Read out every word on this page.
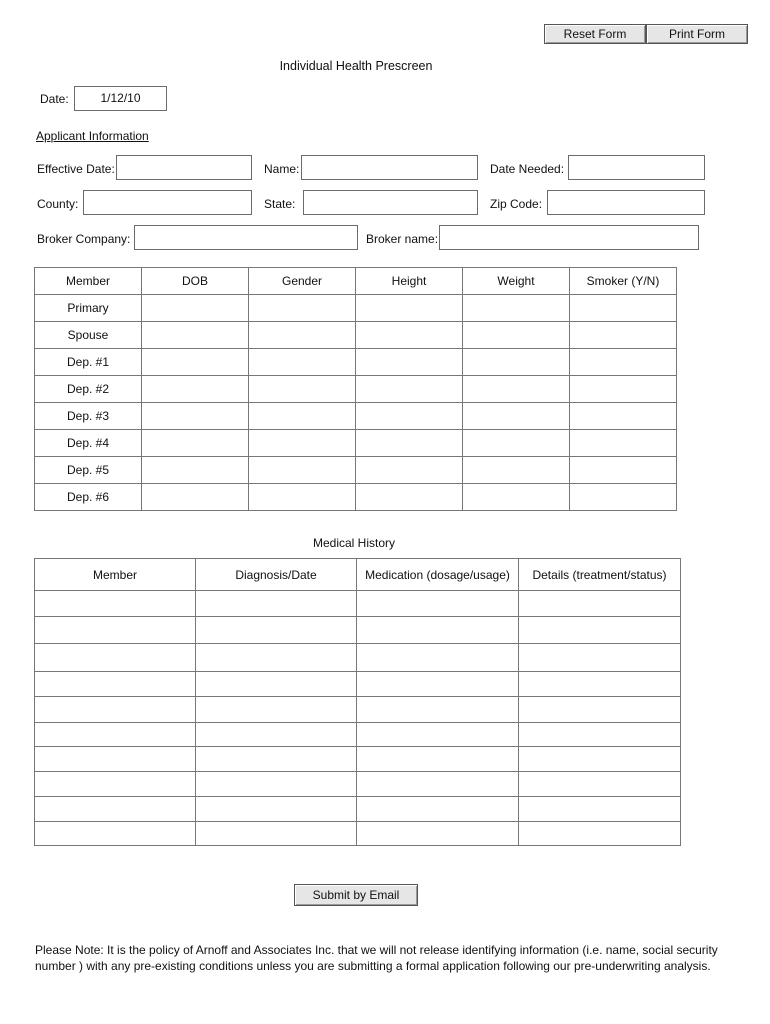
Reset Form	Print Form
Individual Health Prescreen
Date:	1/12/10
Applicant Information
Effective Date:	Name:	Date Needed:
County:	State:	Zip Code:
Broker Company:	Broker name:
Member	DOB	Gender	Height	Weight	Smoker (Y/N)
Primary					
Spouse					
Dep. #1					
Dep. #2					
Dep. #3					
Dep. #4					
Dep. #5					
Dep. #6					
Medical History
Member	Diagnosis/Date	Medication (dosage/usage)	Details (treatment/status)

Submit by Email
Please Note: It is the policy of Arnoff and Associates Inc. that we will not release identifying information (i.e. name, social security number ) with any pre-existing conditions unless you are submitting a formal application following our pre-underwriting analysis.
